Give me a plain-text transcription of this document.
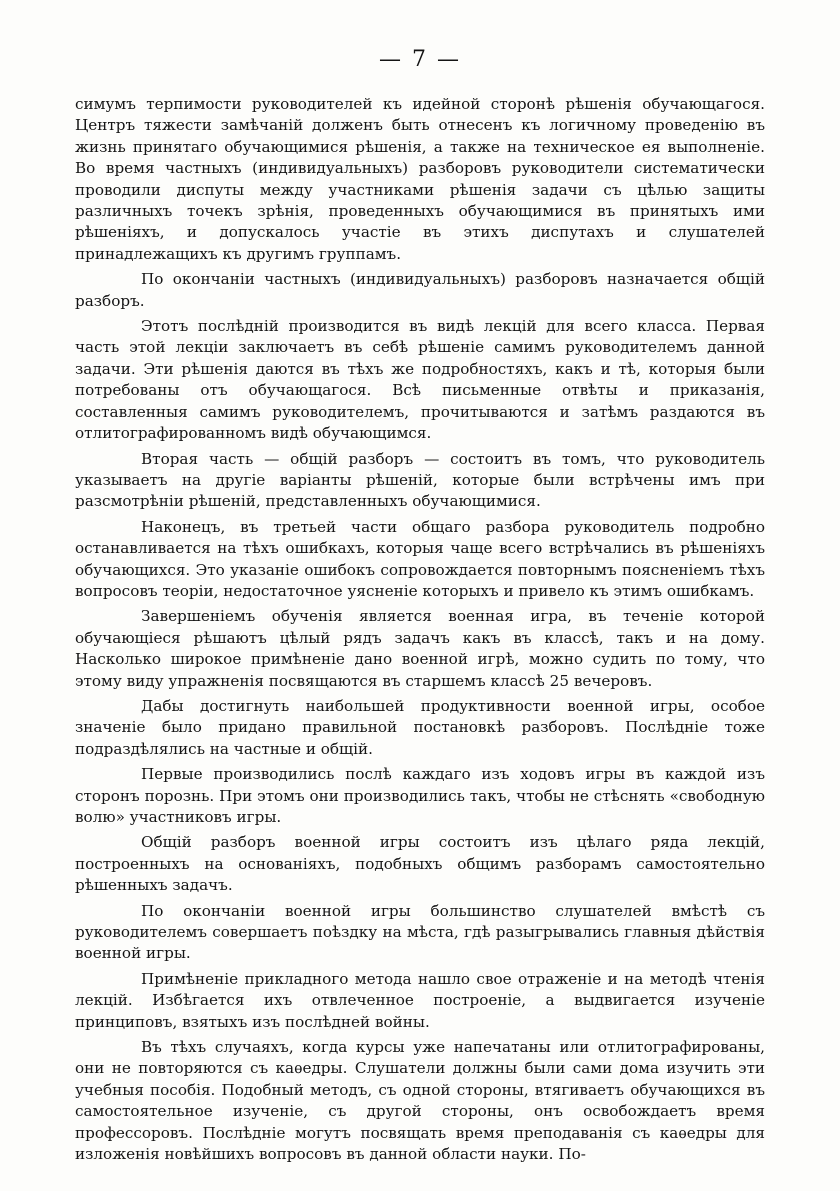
— 7 —

симумъ терпимости руководителей къ идейной сторонѣ рѣшенія обучающагося. Центръ тяжести замѣчаній долженъ быть отнесенъ къ логичному проведенію въ жизнь принятаго обучающимися рѣшенія, а также на техническое ея выполненіе. Во время частныхъ (индивидуальныхъ) разборовъ руководители систематически проводили диспуты между участниками рѣшенія задачи съ цѣлью защиты различныхъ точекъ зрѣнія, проведенныхъ обучающимися въ принятыхъ ими рѣшеніяхъ, и допускалось участіе въ этихъ диспутахъ и слушателей принадлежащихъ къ другимъ группамъ.

По окончаніи частныхъ (индивидуальныхъ) разборовъ назначается общій разборъ.

Этотъ послѣдній производится въ видѣ лекцій для всего класса. Первая часть этой лекціи заключаетъ въ себѣ рѣшеніе самимъ руководителемъ данной задачи. Эти рѣшенія даются въ тѣхъ же подробностяхъ, какъ и тѣ, которыя были потребованы отъ обучающагося. Всѣ письменные отвѣты и приказанія, составленныя самимъ руководителемъ, прочитываются и затѣмъ раздаются въ отлитографированномъ видѣ обучающимся.

Вторая часть — общій разборъ — состоитъ въ томъ, что руководитель указываетъ на другіе варіанты рѣшеній, которые были встрѣчены имъ при разсмотрѣніи рѣшеній, представленныхъ обучающимися.

Наконецъ, въ третьей части общаго разбора руководитель подробно останавливается на тѣхъ ошибкахъ, которыя чаще всего встрѣчались въ рѣшеніяхъ обучающихся. Это указаніе ошибокъ сопровождается повторнымъ поясненіемъ тѣхъ вопросовъ теоріи, недостаточное уясненіе которыхъ и привело къ этимъ ошибкамъ.

Завершеніемъ обученія является военная игра, въ теченіе которой обучающіеся рѣшаютъ цѣлый рядъ задачъ какъ въ классѣ, такъ и на дому. Насколько широкое примѣненіе дано военной игрѣ, можно судить по тому, что этому виду упражненія посвящаются въ старшемъ классѣ 25 вечеровъ.

Дабы достигнуть наибольшей продуктивности военной игры, особое значеніе было придано правильной постановкѣ разборовъ. Послѣдніе тоже подраздѣлялись на частные и общій.

Первые производились послѣ каждаго изъ ходовъ игры въ каждой изъ сторонъ порознь. При этомъ они производились такъ, чтобы не стѣснять «свободную волю» участниковъ игры.

Общій разборъ военной игры состоитъ изъ цѣлаго ряда лекцій, построенныхъ на основаніяхъ, подобныхъ общимъ разборамъ самостоятельно рѣшенныхъ задачъ.

По окончаніи военной игры большинство слушателей вмѣстѣ съ руководителемъ совершаетъ поѣздку на мѣста, гдѣ разыгрывались главныя дѣйствія военной игры.

Примѣненіе прикладного метода нашло свое отраженіе и на методѣ чтенія лекцій. Избѣгается ихъ отвлеченное построеніе, а выдвигается изученіе принциповъ, взятыхъ изъ послѣдней войны.

Въ тѣхъ случаяхъ, когда курсы уже напечатаны или отлитографированы, они не повторяются съ каѳедры. Слушатели должны были сами дома изучить эти учебныя пособія. Подобный методъ, съ одной стороны, втягиваетъ обучающихся въ самостоятельное изученіе, съ другой стороны, онъ освобождаетъ время профессоровъ. Послѣдніе могутъ посвящать время преподаванія съ каѳедры для изложенія новѣйшихъ вопросовъ въ данной области науки. По-
